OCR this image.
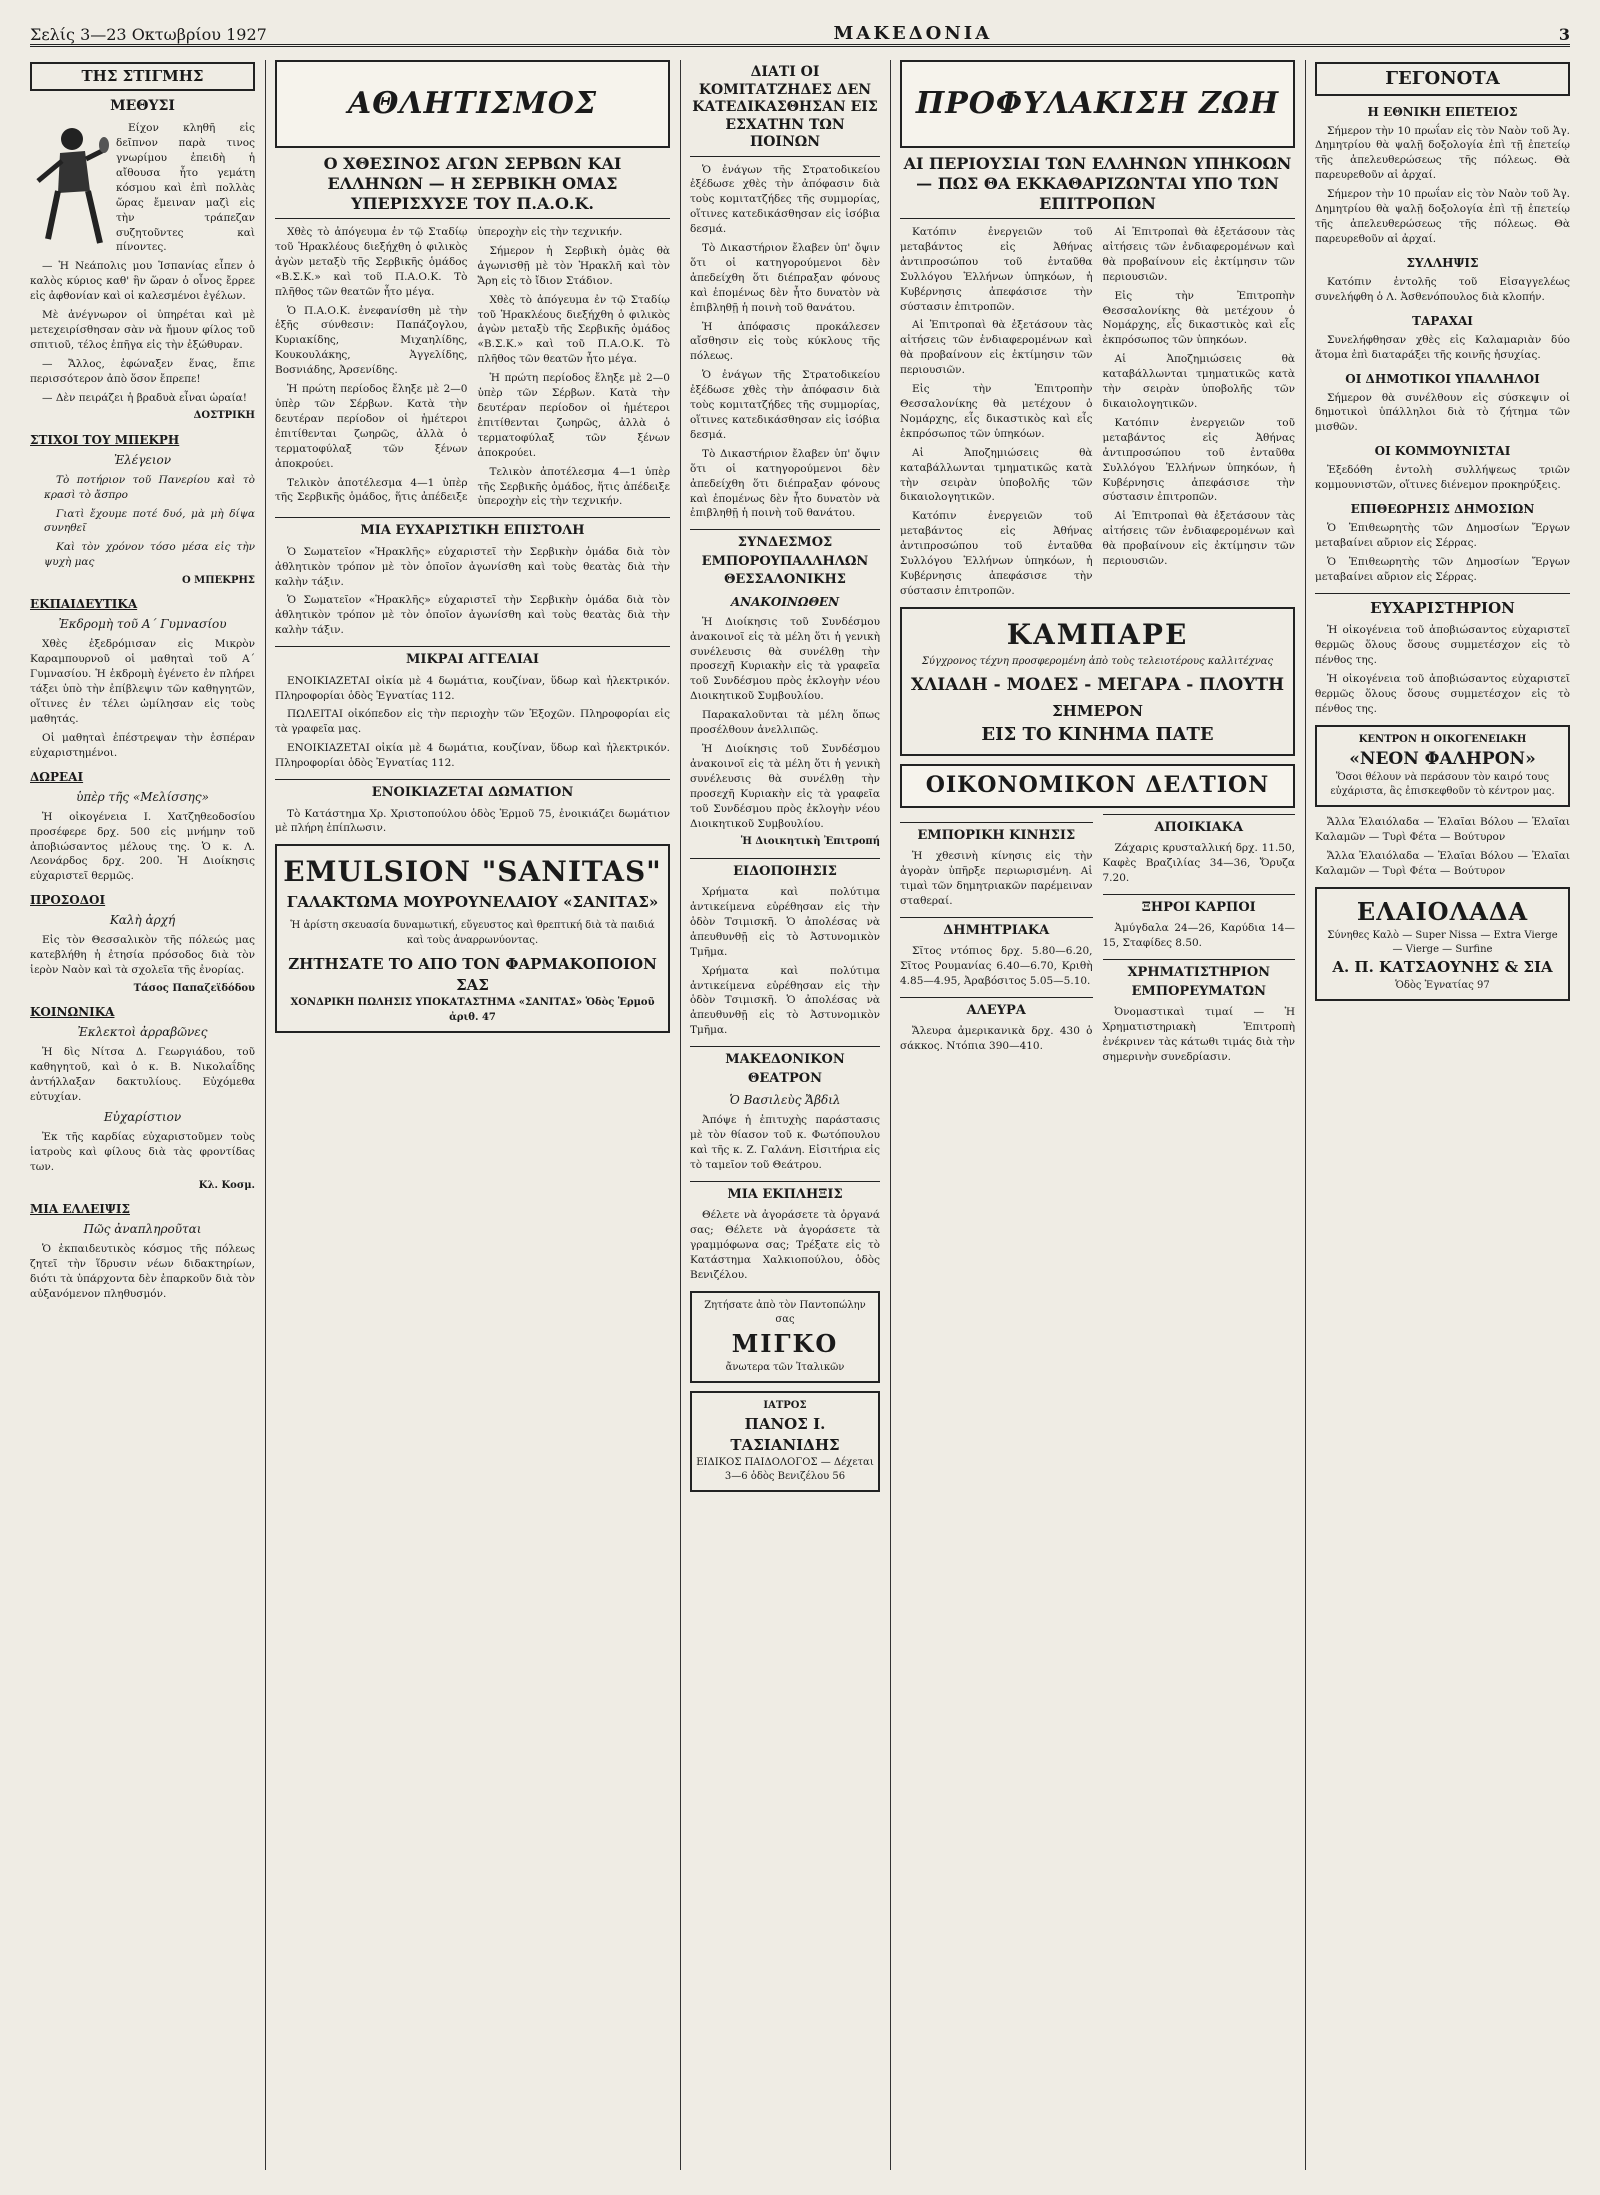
Σελίς 3—23 Οκτωβρίου 1927	ΜΑΚΕΔΟΝΙΑ	3
ΤΗΣ ΣΤΙΓΜΗΣ
ΜΕΘΥΣΙ

Είχον κληθῆ εἰς δεῖπνον παρὰ τινος γνωρίμου ἐπειδὴ ἡ αἴθουσα ἦτο γεμάτη κόσμου καὶ ἐπὶ πολλὰς ὥρας ἔμειναν μαζὶ εἰς τὴν τράπεζαν συζητοῦντες καὶ πίνοντες.

— Ἡ Νεάπολις μου Ἱσπανίας εἶπεν ὁ καλὸς κύριος καθ' ἣν ὥραν ὁ οἶνος ἔρρεε εἰς ἀφθονίαν καὶ οἱ καλεσμένοι ἐγέλων.

Μὲ ἀνέγνωρον οἱ ὑπηρέται καὶ μὲ μετεχειρίσθησαν σὰν νὰ ἤμουν φίλος τοῦ σπιτιοῦ, τέλος ἐπῆγα εἰς τὴν ἐξώθυραν.

— Ἄλλος, ἐφώναξεν ἕνας, ἔπιε περισσότερον ἀπὸ ὅσον ἔπρεπε!

— Δὲν πειράζει ἡ βραδυὰ εἶναι ὡραία!

ΔΟΣΤΡΙΚΗ
ΣΤΙΧΟΙ ΤΟΥ ΜΠΕΚΡΗ
Ἐλέγειον

Τὸ ποτήριον τοῦ Πανερίου καὶ τὸ κρασὶ τὸ ἄσπρο

Γιατὶ ἔχουμε ποτέ δυό, μὰ μὴ δίψα συνηθεῖ

Καὶ τὸν χρόνον τόσο μέσα εἰς τὴν ψυχὴ μας

Ο ΜΠΕΚΡΗΣ
ΕΚΠΑΙΔΕΥΤΙΚΑ
Ἐκδρομὴ τοῦ Α΄ Γυμνασίου

Χθὲς ἐξεδρόμισαν εἰς Μικρὸν Καραμπουρνοῦ οἱ μαθηταὶ τοῦ Α΄ Γυμνασίου. Ἡ ἐκδρομὴ ἐγένετο ἐν πλήρει τάξει ὑπὸ τὴν ἐπίβλεψιν τῶν καθηγητῶν, οἵτινες ἐν τέλει ὡμίλησαν εἰς τοὺς μαθητάς.

Οἱ μαθηταὶ ἐπέστρεψαν τὴν ἑσπέραν εὐχαριστημένοι.

ΔΩΡΕΑΙ
ὑπὲρ τῆς «Μελίσσης»

Ἡ οἰκογένεια Ι. Χατζηθεοδοσίου προσέφερε δρχ. 500 εἰς μνήμην τοῦ ἀποβιώσαντος μέλους της. Ὁ κ. Λ. Λεονάρδος δρχ. 200. Ἡ Διοίκησις εὐχαριστεῖ θερμῶς.

ΠΡΟΣΟΔΟΙ
Καλὴ ἀρχή

Εἰς τὸν Θεσσαλικὸν τῆς πόλεώς μας κατεβλήθη ἡ ἐτησία πρόσοδος διὰ τὸν ἱερὸν Ναὸν καὶ τὰ σχολεῖα τῆς ἐνορίας.

Τάσος Παπαζεϊδόδου
ΚΟΙΝΩΝΙΚΑ
Ἐκλεκτοὶ ἀρραβῶνες

Ἠ δὶς Νίτσα Δ. Γεωργιάδου, τοῦ καθηγητοῦ, καὶ ὁ κ. Β. Νικολαΐδης ἀντήλλαξαν δακτυλίους. Εὐχόμεθα εὐτυχίαν.

Εὐχαρίστιον

Ἐκ τῆς καρδίας εὐχαριστοῦμεν τοὺς ἰατροὺς καὶ φίλους διὰ τὰς φροντίδας των.

Κλ. Κοσμ.
ΜΙΑ ΕΛΛΕΙΨΙΣ
Πῶς ἀναπληροῦται

Ὁ ἐκπαιδευτικὸς κόσμος τῆς πόλεως ζητεῖ τὴν ἵδρυσιν νέων διδακτηρίων, διότι τὰ ὑπάρχοντα δὲν ἐπαρκοῦν διὰ τὸν αὐξανόμενον πληθυσμόν.

ΑΘΛΗΤΙΣΜΟΣ
Ο ΧΘΕΣΙΝΟΣ ΑΓΩΝ ΣΕΡΒΩΝ ΚΑΙ ΕΛΛΗΝΩΝ — Η ΣΕΡΒΙΚΗ ΟΜΑΣ ΥΠΕΡΙΣΧΥΣΕ ΤΟΥ Π.Α.Ο.Κ.

Χθὲς τὸ ἀπόγευμα ἐν τῷ Σταδίῳ τοῦ Ἡρακλέους διεξήχθη ὁ φιλικὸς ἀγὼν μεταξὺ τῆς Σερβικῆς ὁμάδος «Β.Σ.Κ.» καὶ τοῦ Π.Α.Ο.Κ. Τὸ πλῆθος τῶν θεατῶν ἦτο μέγα.

Ὁ Π.Α.Ο.Κ. ἐνεφανίσθη μὲ τὴν ἑξῆς σύνθεσιν: Παπάζογλου, Κυριακίδης, Μιχαηλίδης, Κουκουλάκης, Ἀγγελίδης, Βοσνιάδης, Ἀρσενίδης.

Ἡ πρώτη περίοδος ἔληξε μὲ 2—0 ὑπὲρ τῶν Σέρβων. Κατὰ τὴν δευτέραν περίοδον οἱ ἡμέτεροι ἐπιτίθενται ζωηρῶς, ἀλλὰ ὁ τερματοφύλαξ τῶν ξένων ἀποκρούει.

Τελικὸν ἀποτέλεσμα 4—1 ὑπὲρ τῆς Σερβικῆς ὁμάδος, ἥτις ἀπέδειξε ὑπεροχὴν εἰς τὴν τεχνικήν.

Σήμερον ἡ Σερβικὴ ὁμὰς θὰ ἀγωνισθῇ μὲ τὸν Ἡρακλῆ καὶ τὸν Ἄρη εἰς τὸ ἴδιον Στάδιον.

Χθὲς τὸ ἀπόγευμα ἐν τῷ Σταδίῳ τοῦ Ἡρακλέους διεξήχθη ὁ φιλικὸς ἀγὼν μεταξὺ τῆς Σερβικῆς ὁμάδος «Β.Σ.Κ.» καὶ τοῦ Π.Α.Ο.Κ. Τὸ πλῆθος τῶν θεατῶν ἦτο μέγα.

Ἡ πρώτη περίοδος ἔληξε μὲ 2—0 ὑπὲρ τῶν Σέρβων. Κατὰ τὴν δευτέραν περίοδον οἱ ἡμέτεροι ἐπιτίθενται ζωηρῶς, ἀλλὰ ὁ τερματοφύλαξ τῶν ξένων ἀποκρούει.

Τελικὸν ἀποτέλεσμα 4—1 ὑπὲρ τῆς Σερβικῆς ὁμάδος, ἥτις ἀπέδειξε ὑπεροχὴν εἰς τὴν τεχνικήν.

ΜΙΑ ΕΥΧΑΡΙΣΤΙΚΗ ΕΠΙΣΤΟΛΗ

Ὁ Σωματεῖον «Ἡρακλῆς» εὐχαριστεῖ τὴν Σερβικὴν ὁμάδα διὰ τὸν ἀθλητικὸν τρόπον μὲ τὸν ὁποῖον ἀγωνίσθη καὶ τοὺς θεατὰς διὰ τὴν καλὴν τάξιν.

Ὁ Σωματεῖον «Ἡρακλῆς» εὐχαριστεῖ τὴν Σερβικὴν ὁμάδα διὰ τὸν ἀθλητικὸν τρόπον μὲ τὸν ὁποῖον ἀγωνίσθη καὶ τοὺς θεατὰς διὰ τὴν καλὴν τάξιν.

ΜΙΚΡΑΙ ΑΓΓΕΛΙΑΙ

ΕΝΟΙΚΙΑΖΕΤΑΙ οἰκία μὲ 4 δωμάτια, κουζίναν, ὕδωρ καὶ ἠλεκτρικόν. Πληροφορίαι ὁδὸς Ἐγνατίας 112.

ΠΩΛΕΙΤΑΙ οἰκόπεδον εἰς τὴν περιοχὴν τῶν Ἐξοχῶν. Πληροφορίαι εἰς τὰ γραφεῖα μας.

ΕΝΟΙΚΙΑΖΕΤΑΙ οἰκία μὲ 4 δωμάτια, κουζίναν, ὕδωρ καὶ ἠλεκτρικόν. Πληροφορίαι ὁδὸς Ἐγνατίας 112.

ΕΝΟΙΚΙΑΖΕΤΑΙ ΔΩΜΑΤΙΟΝ

Τὸ Κατάστημα Χρ. Χριστοπούλου ὁδὸς Ἑρμοῦ 75, ἐνοικιάζει δωμάτιον μὲ πλήρη ἐπίπλωσιν.

EMULSION "SANITAS"
ΓΑΛΑΚΤΩΜΑ ΜΟΥΡΟΥΝΕΛΑΙΟΥ «ΣΑΝΙΤΑΣ»
Ἡ ἀρίστη σκευασία δυναμωτική, εὔγευστος καὶ θρεπτική διὰ τὰ παιδιά καὶ τοὺς ἀναρρωνύοντας.
ΖΗΤΗΣΑΤΕ ΤΟ ΑΠΟ ΤΟΝ ΦΑΡΜΑΚΟΠΟΙΟΝ ΣΑΣ
ΧΟΝΔΡΙΚΗ ΠΩΛΗΣΙΣ ΥΠΟΚΑΤΑΣΤΗΜΑ «ΣΑΝΙΤΑΣ» Ὁδὸς Ἑρμοῦ ἀριθ. 47
ΔΙΑΤΙ ΟΙ ΚΟΜΙΤΑΤΖΗΔΕΣ ΔΕΝ ΚΑΤΕΔΙΚΑΣΘΗΣΑΝ ΕΙΣ ΕΣΧΑΤΗΝ ΤΩΝ ΠΟΙΝΩΝ

Ὁ ἐνάγων τῆς Στρατοδικείου ἐξέδωσε χθὲς τὴν ἀπόφασιν διὰ τοὺς κομιτατζήδες τῆς συμμορίας, οἵτινες κατεδικάσθησαν εἰς ἰσόβια δεσμά.

Τὸ Δικαστήριον ἔλαβεν ὑπ' ὄψιν ὅτι οἱ κατηγορούμενοι δὲν ἀπεδείχθη ὅτι διέπραξαν φόνους καὶ ἐπομένως δὲν ἦτο δυνατὸν νὰ ἐπιβληθῇ ἡ ποινὴ τοῦ θανάτου.

Ἡ ἀπόφασις προκάλεσεν αἴσθησιν εἰς τοὺς κύκλους τῆς πόλεως.

Ὁ ἐνάγων τῆς Στρατοδικείου ἐξέδωσε χθὲς τὴν ἀπόφασιν διὰ τοὺς κομιτατζήδες τῆς συμμορίας, οἵτινες κατεδικάσθησαν εἰς ἰσόβια δεσμά.

Τὸ Δικαστήριον ἔλαβεν ὑπ' ὄψιν ὅτι οἱ κατηγορούμενοι δὲν ἀπεδείχθη ὅτι διέπραξαν φόνους καὶ ἐπομένως δὲν ἦτο δυνατὸν νὰ ἐπιβληθῇ ἡ ποινὴ τοῦ θανάτου.

ΣΥΝΔΕΣΜΟΣ ΕΜΠΟΡΟΥΠΑΛΛΗΛΩΝ ΘΕΣΣΑΛΟΝΙΚΗΣ
ΑΝΑΚΟΙΝΩΘΕΝ

Ἡ Διοίκησις τοῦ Συνδέσμου ἀνακοινοῖ εἰς τὰ μέλη ὅτι ἡ γενικὴ συνέλευσις θὰ συνέλθῃ τὴν προσεχῆ Κυριακὴν εἰς τὰ γραφεῖα τοῦ Συνδέσμου πρὸς ἐκλογὴν νέου Διοικητικοῦ Συμβουλίου.

Παρακαλοῦνται τὰ μέλη ὅπως προσέλθουν ἀνελλιπῶς.

Ἡ Διοίκησις τοῦ Συνδέσμου ἀνακοινοῖ εἰς τὰ μέλη ὅτι ἡ γενικὴ συνέλευσις θὰ συνέλθῃ τὴν προσεχῆ Κυριακὴν εἰς τὰ γραφεῖα τοῦ Συνδέσμου πρὸς ἐκλογὴν νέου Διοικητικοῦ Συμβουλίου.

Ἡ Διοικητικὴ Ἐπιτροπή
ΕΙΔΟΠΟΙΗΣΙΣ

Χρήματα καὶ πολύτιμα ἀντικείμενα εὑρέθησαν εἰς τὴν ὁδὸν Τσιμισκῆ. Ὁ ἀπολέσας νὰ ἀπευθυνθῇ εἰς τὸ Ἀστυνομικὸν Τμῆμα.

Χρήματα καὶ πολύτιμα ἀντικείμενα εὑρέθησαν εἰς τὴν ὁδὸν Τσιμισκῆ. Ὁ ἀπολέσας νὰ ἀπευθυνθῇ εἰς τὸ Ἀστυνομικὸν Τμῆμα.

ΜΑΚΕΔΟΝΙΚΟΝ ΘΕΑΤΡΟΝ
Ὁ Βασιλεὺς Ἄβδιλ

Ἀπόψε ἡ ἐπιτυχὴς παράστασις μὲ τὸν θίασον τοῦ κ. Φωτόπουλου καὶ τῆς κ. Ζ. Γαλάνη. Εἰσιτήρια εἰς τὸ ταμεῖον τοῦ Θεάτρου.

ΜΙΑ ΕΚΠΛΗΞΙΣ

Θέλετε νὰ ἀγοράσετε τὰ ὀργανά σας; Θέλετε νὰ ἀγοράσετε τὰ γραμμόφωνα σας; Τρέξατε εἰς τὸ Κατάστημα Χαλκιοπούλου, ὁδὸς Βενιζέλου.

Ζητήσατε ἀπὸ τὸν Παντοπώλην σας
ΜΙΓΚΟ
ἄνωτερα τῶν Ἰταλικῶν
ΙΑΤΡΟΣ
ΠΑΝΟΣ Ι. ΤΑΣΙΑΝΙΔΗΣ
ΕΙΔΙΚΟΣ ΠΑΙΔΟΛΟΓΟΣ — Δέχεται 3—6 ὁδὸς Βενιζέλου 56
ΠΡΟΦΥΛΑΚΙΣΗ ΖΩΗ
ΑΙ ΠΕΡΙΟΥΣΙΑΙ ΤΩΝ ΕΛΛΗΝΩΝ ΥΠΗΚΟΩΝ — ΠΩΣ ΘΑ ΕΚΚΑΘΑΡΙΖΩΝΤΑΙ ΥΠΟ ΤΩΝ ΕΠΙΤΡΟΠΩΝ

Κατόπιν ἐνεργειῶν τοῦ μεταβάντος εἰς Ἀθήνας ἀντιπροσώπου τοῦ ἐνταῦθα Συλλόγου Ἑλλήνων ὑπηκόων, ἡ Κυβέρνησις ἀπεφάσισε τὴν σύστασιν ἐπιτροπῶν.

Αἱ Ἐπιτροπαὶ θὰ ἐξετάσουν τὰς αἰτήσεις τῶν ἐνδιαφερομένων καὶ θὰ προβαίνουν εἰς ἐκτίμησιν τῶν περιουσιῶν.

Εἰς τὴν Ἐπιτροπὴν Θεσσαλονίκης θὰ μετέχουν ὁ Νομάρχης, εἷς δικαστικὸς καὶ εἷς ἐκπρόσωπος τῶν ὑπηκόων.

Αἱ Ἀποζημιώσεις θὰ καταβάλλωνται τμηματικῶς κατὰ τὴν σειρὰν ὑποβολῆς τῶν δικαιολογητικῶν.

Κατόπιν ἐνεργειῶν τοῦ μεταβάντος εἰς Ἀθήνας ἀντιπροσώπου τοῦ ἐνταῦθα Συλλόγου Ἑλλήνων ὑπηκόων, ἡ Κυβέρνησις ἀπεφάσισε τὴν σύστασιν ἐπιτροπῶν.

Αἱ Ἐπιτροπαὶ θὰ ἐξετάσουν τὰς αἰτήσεις τῶν ἐνδιαφερομένων καὶ θὰ προβαίνουν εἰς ἐκτίμησιν τῶν περιουσιῶν.

Εἰς τὴν Ἐπιτροπὴν Θεσσαλονίκης θὰ μετέχουν ὁ Νομάρχης, εἷς δικαστικὸς καὶ εἷς ἐκπρόσωπος τῶν ὑπηκόων.

Αἱ Ἀποζημιώσεις θὰ καταβάλλωνται τμηματικῶς κατὰ τὴν σειρὰν ὑποβολῆς τῶν δικαιολογητικῶν.

Κατόπιν ἐνεργειῶν τοῦ μεταβάντος εἰς Ἀθήνας ἀντιπροσώπου τοῦ ἐνταῦθα Συλλόγου Ἑλλήνων ὑπηκόων, ἡ Κυβέρνησις ἀπεφάσισε τὴν σύστασιν ἐπιτροπῶν.

Αἱ Ἐπιτροπαὶ θὰ ἐξετάσουν τὰς αἰτήσεις τῶν ἐνδιαφερομένων καὶ θὰ προβαίνουν εἰς ἐκτίμησιν τῶν περιουσιῶν.

ΚΑΜΠΑΡΕ
Σύγχρονος τέχνη προσφερομένη ἀπὸ τοὺς τελειοτέρους καλλιτέχνας
ΧΛΙΑΔΗ - ΜΟΔΕΣ - ΜΕΓΑΡΑ - ΠΛΟΥΤΗ
ΣΗΜΕΡΟΝ
ΕΙΣ ΤΟ ΚΙΝΗΜΑ ΠΑΤΕ
ΟΙΚΟΝΟΜΙΚΟΝ ΔΕΛΤΙΟΝ
ΕΜΠΟΡΙΚΗ ΚΙΝΗΣΙΣ

Ἡ χθεσινὴ κίνησις εἰς τὴν ἀγορὰν ὑπῆρξε περιωρισμένη. Αἱ τιμαὶ τῶν δημητριακῶν παρέμειναν σταθεραί.

ΔΗΜΗΤΡΙΑΚΑ

Σῖτος ντόπιος δρχ. 5.80—6.20, Σῖτος Ρουμανίας 6.40—6.70, Κριθὴ 4.85—4.95, Ἀραβόσιτος 5.05—5.10.

ΑΛΕΥΡΑ

Ἄλευρα ἀμερικανικὰ δρχ. 430 ὁ σάκκος. Ντόπια 390—410.

ΑΠΟΙΚΙΑΚΑ

Ζάχαρις κρυσταλλική δρχ. 11.50, Καφὲς Βραζιλίας 34—36, Ὄρυζα 7.20.

ΞΗΡΟΙ ΚΑΡΠΟΙ

Ἀμύγδαλα 24—26, Καρύδια 14—15, Σταφίδες 8.50.

ΧΡΗΜΑΤΙΣΤΗΡΙΟΝ ΕΜΠΟΡΕΥΜΑΤΩΝ

Ὀνομαστικαὶ τιμαί — Ἡ Χρηματιστηριακὴ Ἐπιτροπὴ ἐνέκρινεν τὰς κάτωθι τιμάς διὰ τὴν σημερινὴν συνεδρίασιν.

ΓΕΓΟΝΟΤΑ
Η ΕΘΝΙΚΗ ΕΠΕΤΕΙΟΣ

Σήμερον τὴν 10 πρωΐαν εἰς τὸν Ναὸν τοῦ Ἁγ. Δημητρίου θὰ ψαλῇ δοξολογία ἐπὶ τῇ ἐπετείῳ τῆς ἀπελευθερώσεως τῆς πόλεως. Θὰ παρευρεθοῦν αἱ ἀρχαί.

Σήμερον τὴν 10 πρωΐαν εἰς τὸν Ναὸν τοῦ Ἁγ. Δημητρίου θὰ ψαλῇ δοξολογία ἐπὶ τῇ ἐπετείῳ τῆς ἀπελευθερώσεως τῆς πόλεως. Θὰ παρευρεθοῦν αἱ ἀρχαί.

ΣΥΛΛΗΨΙΣ

Κατόπιν ἐντολῆς τοῦ Εἰσαγγελέως συνελήφθη ὁ Λ. Ἀσθενόπουλος διὰ κλοπήν.

ΤΑΡΑΧΑΙ

Συνελήφθησαν χθὲς εἰς Καλαμαριὰν δύο ἄτομα ἐπὶ διαταράξει τῆς κοινῆς ἡσυχίας.

ΟΙ ΔΗΜΟΤΙΚΟΙ ΥΠΑΛΛΗΛΟΙ

Σήμερον θὰ συνέλθουν εἰς σύσκεψιν οἱ δημοτικοὶ ὑπάλληλοι διὰ τὸ ζήτημα τῶν μισθῶν.

ΟΙ ΚΟΜΜΟΥΝΙΣΤΑΙ

Ἐξεδόθη ἐντολὴ συλλήψεως τριῶν κομμουνιστῶν, οἵτινες διένεμον προκηρύξεις.

ΕΠΙΘΕΩΡΗΣΙΣ ΔΗΜΟΣΙΩΝ

Ὁ Ἐπιθεωρητὴς τῶν Δημοσίων Ἔργων μεταβαίνει αὔριον εἰς Σέρρας.

Ὁ Ἐπιθεωρητὴς τῶν Δημοσίων Ἔργων μεταβαίνει αὔριον εἰς Σέρρας.

ΕΥΧΑΡΙΣΤΗΡΙΟΝ

Ἡ οἰκογένεια τοῦ ἀποβιώσαντος εὐχαριστεῖ θερμῶς ὅλους ὅσους συμμετέσχον εἰς τὸ πένθος της.

Ἡ οἰκογένεια τοῦ ἀποβιώσαντος εὐχαριστεῖ θερμῶς ὅλους ὅσους συμμετέσχον εἰς τὸ πένθος της.

ΚΕΝΤΡΟΝ Η ΟΙΚΟΓΕΝΕΙΑΚΗ
«ΝΕΟΝ ΦΑΛΗΡΟΝ»
Ὅσοι θέλουν νὰ περάσουν τὸν καιρό τους εὐχάριστα, ἂς ἐπισκεφθοῦν τὸ κέντρον μας.

Ἄλλα Ἐλαιόλαδα — Ἐλαῖαι Βόλου — Ἐλαῖαι Καλαμῶν — Τυρὶ Φέτα — Βούτυρον

Ἄλλα Ἐλαιόλαδα — Ἐλαῖαι Βόλου — Ἐλαῖαι Καλαμῶν — Τυρὶ Φέτα — Βούτυρον

ΕΛΑΙΟΛΑΔΑ
Σύνηθες Καλὸ — Super Nissa — Extra Vierge — Vierge — Surfine
Α. Π. ΚΑΤΣΑΟΥΝΗΣ & ΣΙΑ
Ὁδὸς Ἐγνατίας 97
